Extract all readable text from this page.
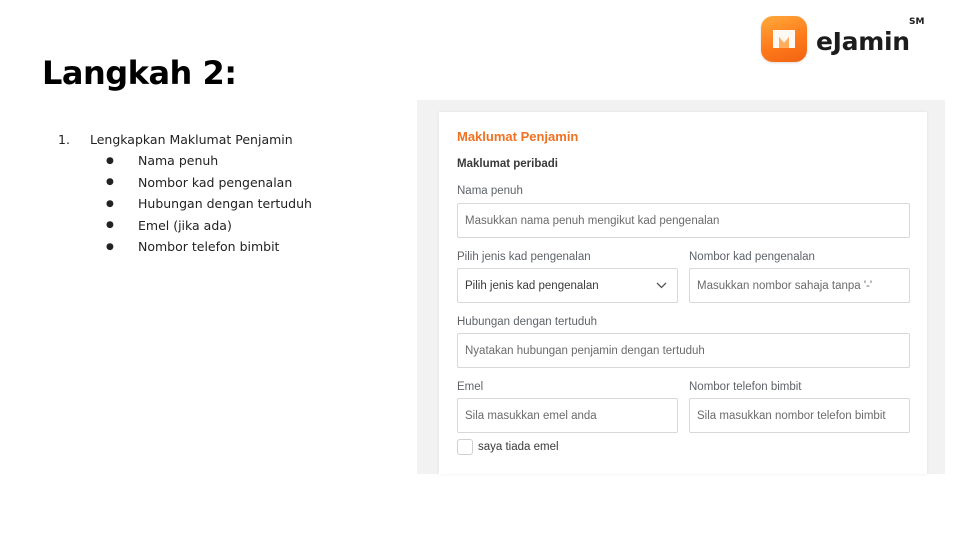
Langkah 2:
eJamin
SM
1.	Lengkapkan Maklumat Penjamin
●	Nama penuh
●	Nombor kad pengenalan
●	Hubungan dengan tertuduh
●	Emel (jika ada)
●	Nombor telefon bimbit
Maklumat Penjamin
Maklumat peribadi
Nama penuh
Masukkan nama penuh mengikut kad pengenalan
Pilih jenis kad pengenalan
Pilih jenis kad pengenalan
Nombor kad pengenalan
Masukkan nombor sahaja tanpa '-'
Hubungan dengan tertuduh
Nyatakan hubungan penjamin dengan tertuduh
Emel
Sila masukkan emel anda
Nombor telefon bimbit
Sila masukkan nombor telefon bimbit
saya tiada emel
